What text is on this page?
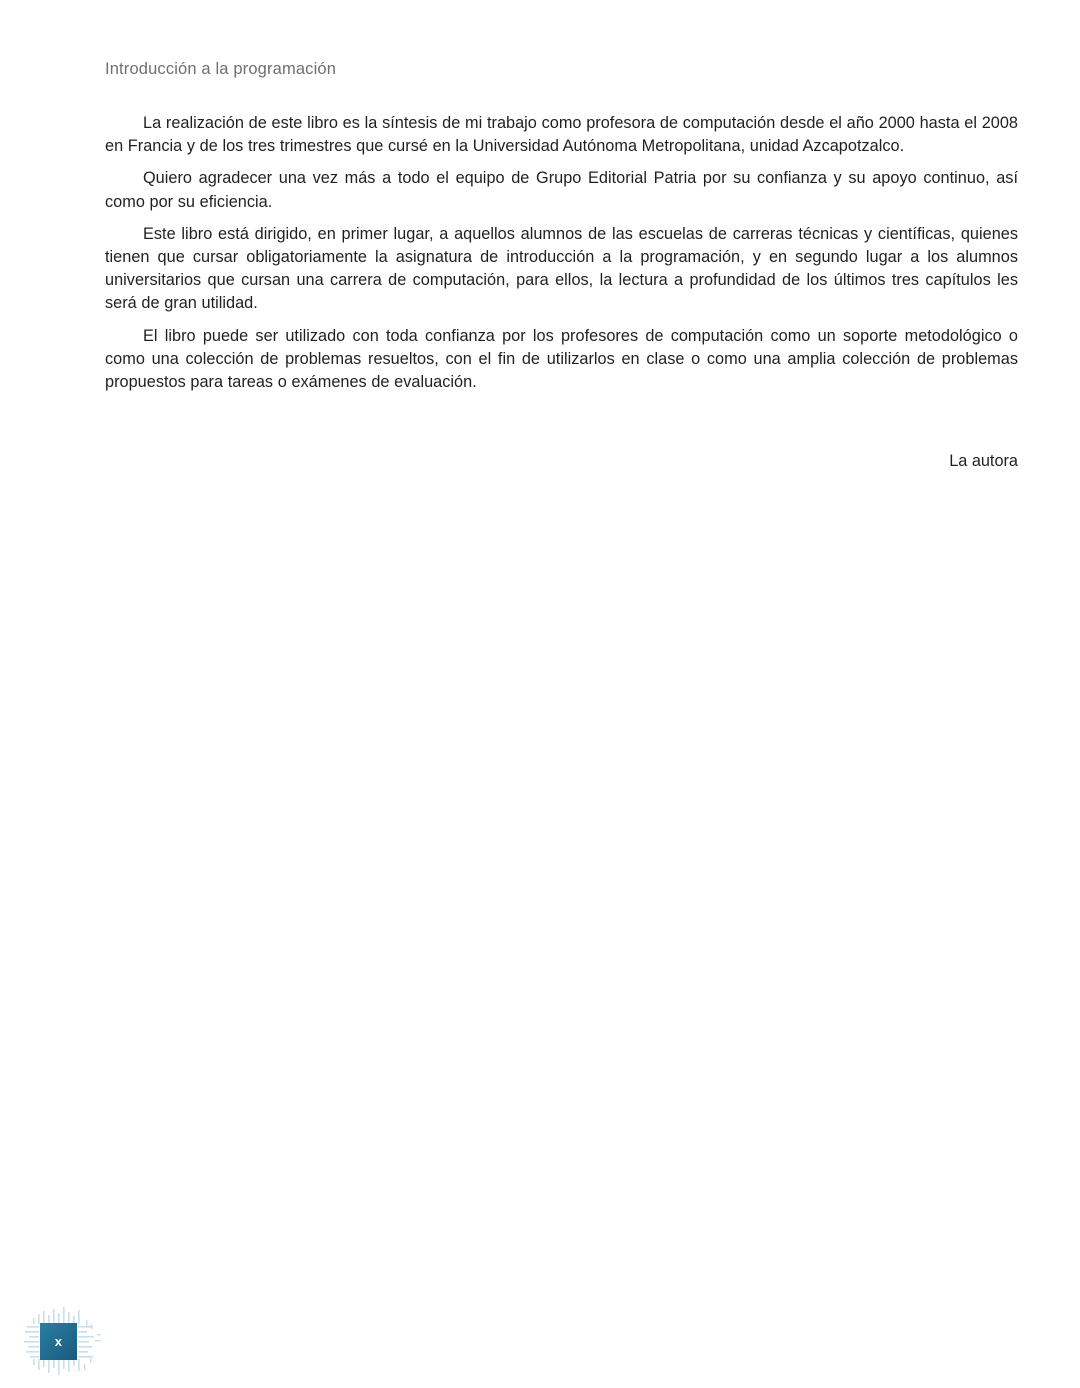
Introducción a la programación

La realización de este libro es la síntesis de mi trabajo como profesora de computación desde el año 2000 hasta el 2008 en Francia y de los tres trimestres que cursé en la Universidad Autónoma Metropolitana, unidad Azcapotzalco.

Quiero agradecer una vez más a todo el equipo de Grupo Editorial Patria por su confianza y su apoyo continuo, así como por su eficiencia.

Este libro está dirigido, en primer lugar, a aquellos alumnos de las escuelas de carreras técnicas y científicas, quienes tienen que cursar obligatoriamente la asignatura de introducción a la programación, y en segundo lugar a los alumnos universitarios que cursan una carrera de computación, para ellos, la lectura a profundidad de los últimos tres capítulos les será de gran utilidad.

El libro puede ser utilizado con toda confianza por los profesores de computación como un soporte metodológico o como una colección de problemas resueltos, con el fin de utilizarlos en clase o como una amplia colección de problemas propuestos para tareas o exámenes de evaluación.

La autora
x
